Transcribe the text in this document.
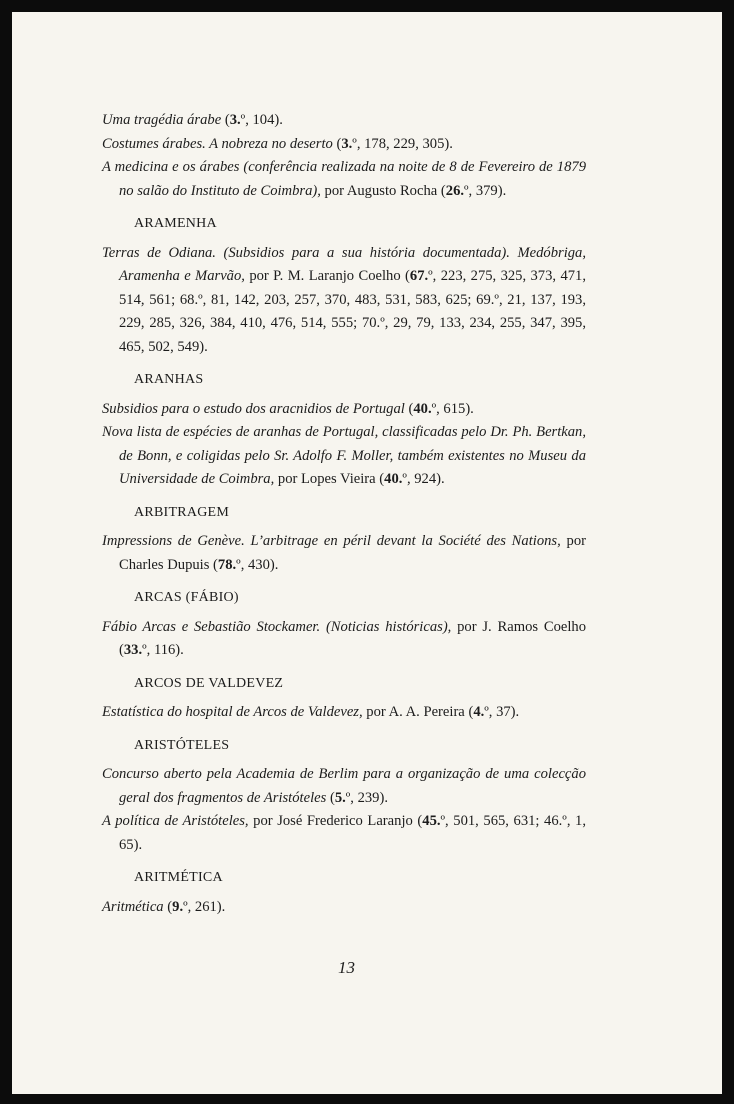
Uma tragédia árabe (3.º, 104).

Costumes árabes. A nobreza no deserto (3.º, 178, 229, 305).

A medicina e os árabes (conferência realizada na noite de 8 de Fevereiro de 1879 no salão do Instituto de Coimbra), por Augusto Rocha (26.º, 379).

ARAMENHA

Terras de Odiana. (Subsidios para a sua história documentada). Medóbriga, Aramenha e Marvão, por P. M. Laranjo Coelho (67.º, 223, 275, 325, 373, 471, 514, 561; 68.º, 81, 142, 203, 257, 370, 483, 531, 583, 625; 69.º, 21, 137, 193, 229, 285, 326, 384, 410, 476, 514, 555; 70.º, 29, 79, 133, 234, 255, 347, 395, 465, 502, 549).

ARANHAS

Subsidios para o estudo dos aracnidios de Portugal (40.º, 615).

Nova lista de espécies de aranhas de Portugal, classificadas pelo Dr. Ph. Bertkan, de Bonn, e coligidas pelo Sr. Adolfo F. Moller, também existentes no Museu da Universidade de Coimbra, por Lopes Vieira (40.º, 924).

ARBITRAGEM

Impressions de Genève. L’arbitrage en péril devant la Société des Nations, por Charles Dupuis (78.º, 430).

ARCAS (FÁBIO)

Fábio Arcas e Sebastião Stockamer. (Noticias históricas), por J. Ramos Coelho (33.º, 116).

ARCOS DE VALDEVEZ

Estatística do hospital de Arcos de Valdevez, por A. A. Pereira (4.º, 37).

ARISTÓTELES

Concurso aberto pela Academia de Berlim para a organização de uma colecção geral dos fragmentos de Aristóteles (5.º, 239).

A política de Aristóteles, por José Frederico Laranjo (45.º, 501, 565, 631; 46.º, 1, 65).

ARITMÉTICA

Aritmética (9.º, 261).

13
